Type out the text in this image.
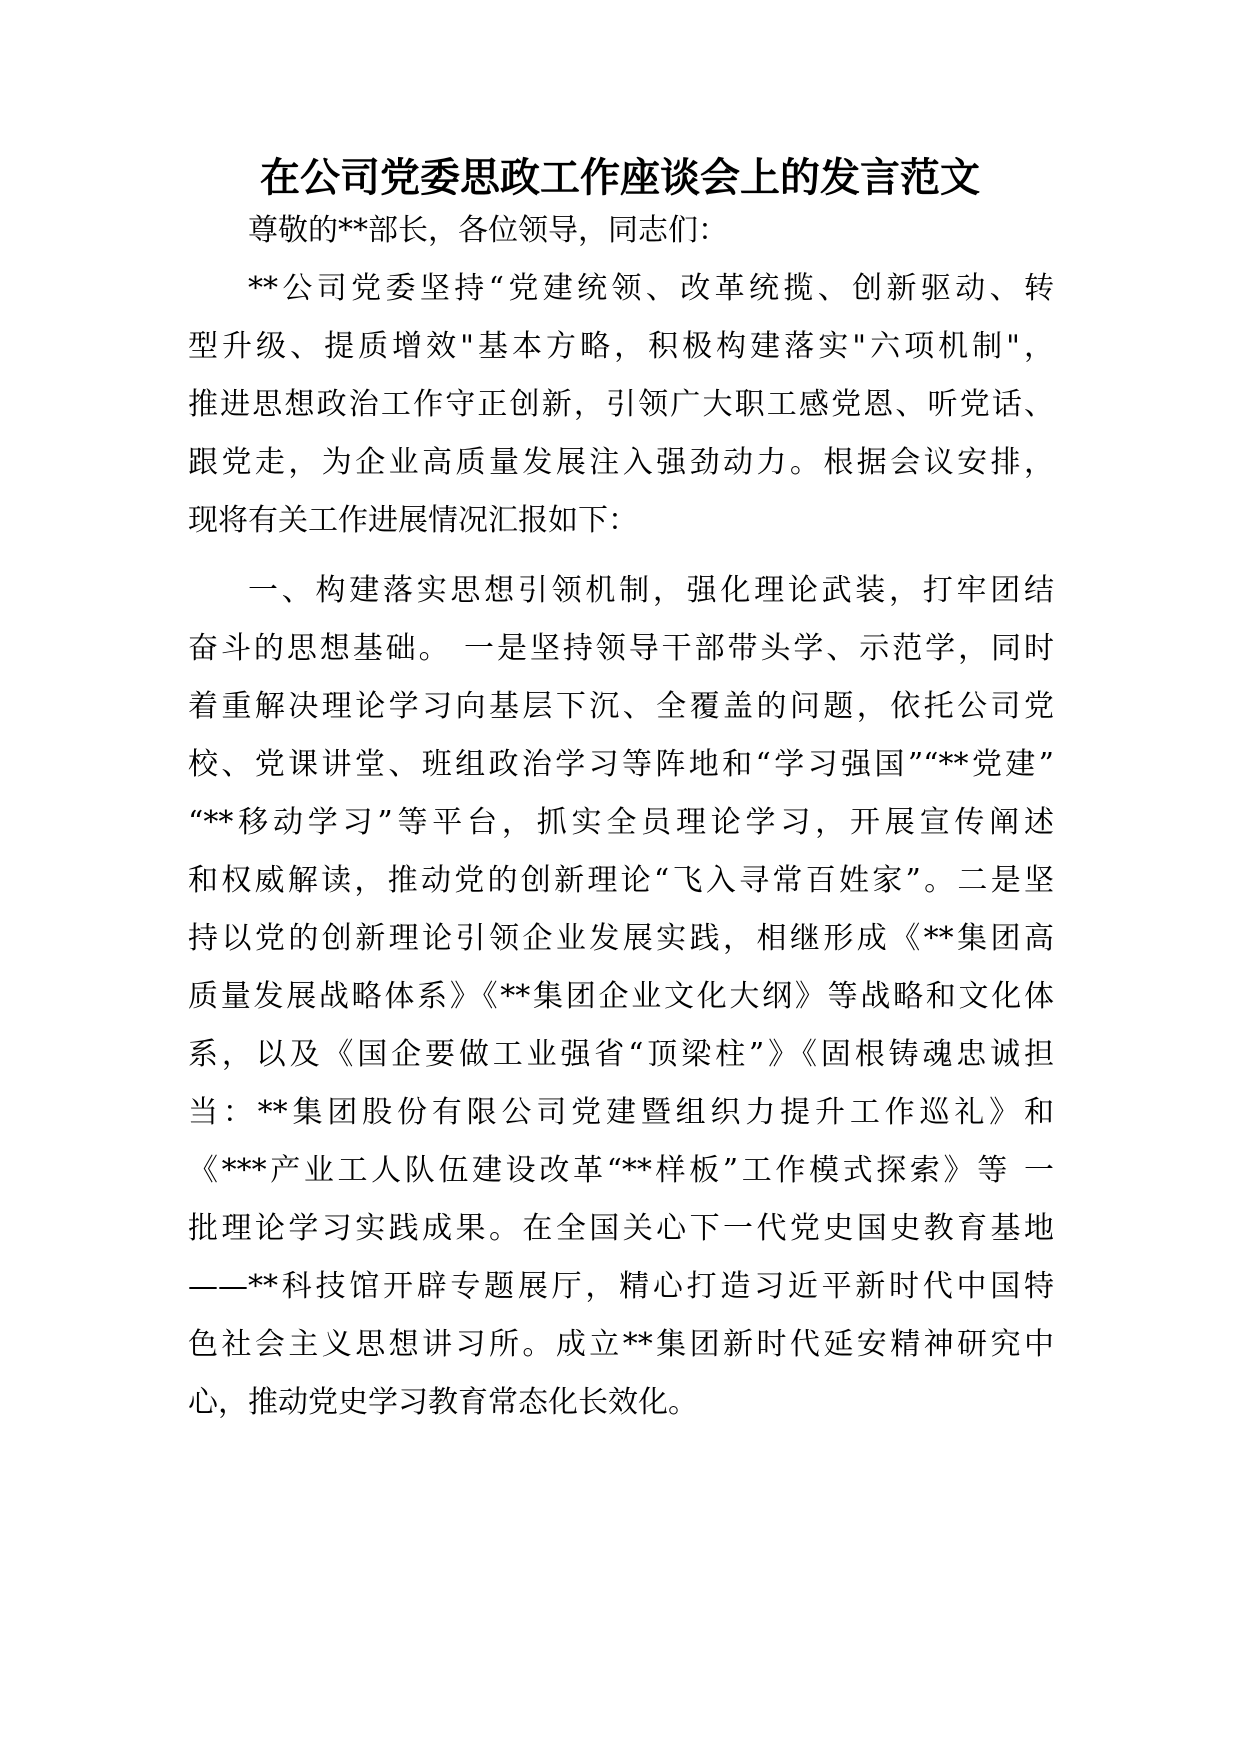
在公司党委思政工作座谈会上的发言范文
尊敬的**部长，各位领导，同志们：
**公司党委坚持“党建统领、改革统揽、创新驱动、转
型升级、提质增效"基本方略，积极构建落实"六项机制"，
推进思想政治工作守正创新，引领广大职工感党恩、听党话、
跟党走，为企业高质量发展注入强劲动力。根据会议安排，
现将有关工作进展情况汇报如下：
一、构建落实思想引领机制，强化理论武装，打牢团结
奋斗的思想基础。 一是坚持领导干部带头学、示范学，同时
着重解决理论学习向基层下沉、全覆盖的问题，依托公司党
校、党课讲堂、班组政治学习等阵地和“学习强国”“**党建”
“**移动学习”等平台，抓实全员理论学习，开展宣传阐述
和权威解读，推动党的创新理论“飞入寻常百姓家”。二是坚
持以党的创新理论引领企业发展实践，相继形成《**集团高
质量发展战略体系》《**集团企业文化大纲》等战略和文化体
系，以及《国企要做工业强省“顶梁柱”》《固根铸魂忠诚担
当：**集团股份有限公司党建暨组织力提升工作巡礼》和
《***产业工人队伍建设改革“**样板”工作模式探索》等 一
批理论学习实践成果。在全国关心下一代党史国史教育基地
——**科技馆开辟专题展厅，精心打造习近平新时代中国特
色社会主义思想讲习所。成立**集团新时代延安精神研究中
心，推动党史学习教育常态化长效化。
